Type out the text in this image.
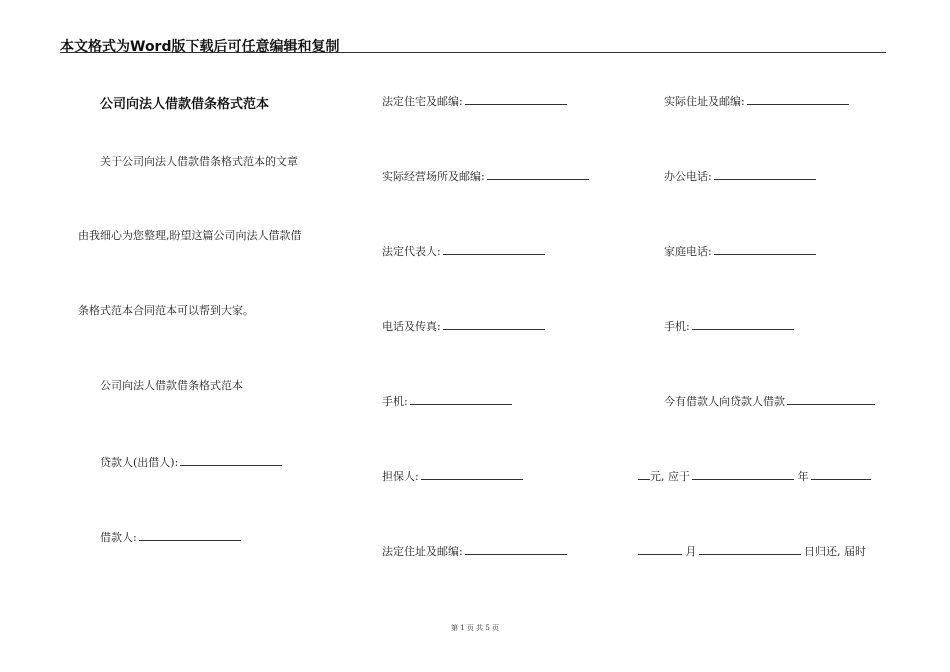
本文格式为Word版下载后可任意编辑和复制
公司向法人借款借条格式范本
关于公司向法人借款借条格式范本的文章
由我细心为您整理,盼望这篇公司向法人借款借
条格式范本合同范本可以帮到大家。
公司向法人借款借条格式范本
贷款人(出借人):
借款人:
法定住宅及邮编:
实际经营场所及邮编:
法定代表人:
电话及传真:
手机:
担保人:
法定住址及邮编:
实际住址及邮编:
办公电话:
家庭电话:
手机:
今有借款人向贷款人借款
元, 应于	年
月	日归还, 届时
第 1 页 共 5 页
